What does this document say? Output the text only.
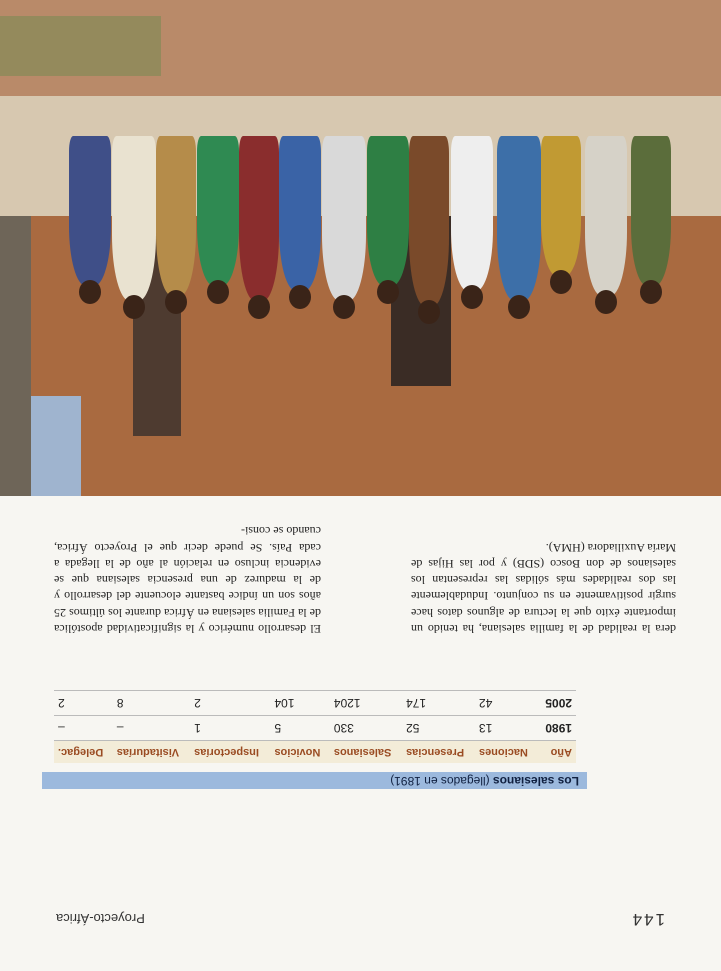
144
Proyecto-África
Los salesianos (llegados en 1891)
Año	Naciones	Presencias	Salesianos	Novicios	Inspectorías	Visitadurías	Delegac.
1980	13	52	330	5	1	–	–
2005	42	174	1204	104	2	8	2

El desarrollo numérico y la significatividad apostólica de la Familia salesiana en África durante los últimos 25 años son un índice bastante elocuente del desarrollo y de la madurez de una presencia salesiana que se evidencia incluso en relación al año de la llegada a cada País. Se puede decir que el Proyecto África, cuando se consi-

dera la realidad de la familia salesiana, ha tenido un importante éxito que la lectura de algunos datos hace surgir positivamente en su conjunto. Indudablemente las dos realidades más sólidas las representan los salesianos de don Bosco (SDB) y por las Hijas de María Auxiliadora (HMA).
